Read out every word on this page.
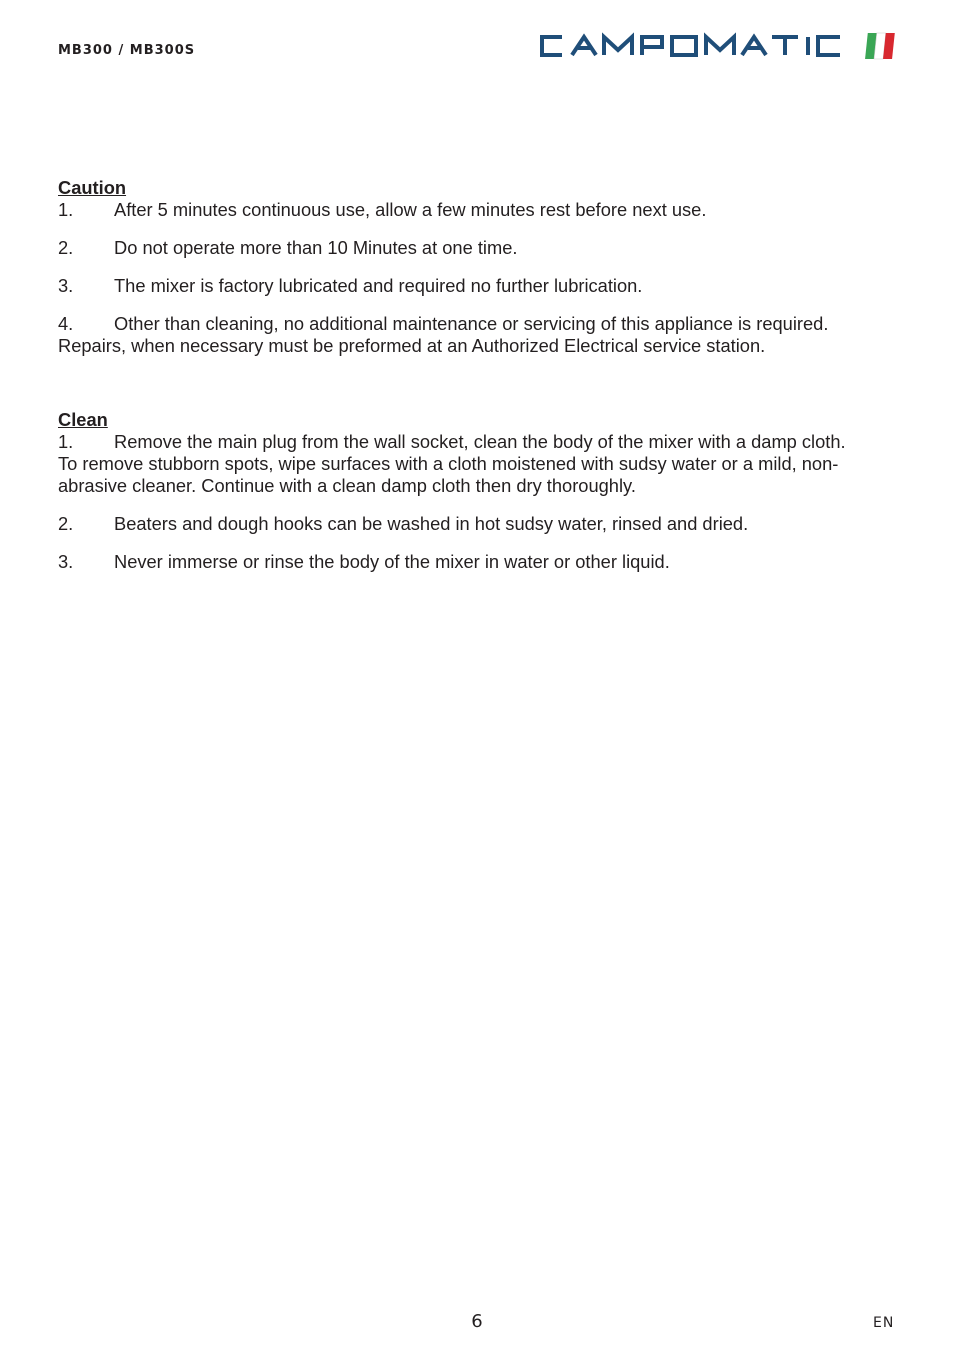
MB300 / MB300S

Caution

1. After 5 minutes continuous use, allow a few minutes rest before next use.

2. Do not operate more than 10 Minutes at one time.

3. The mixer is factory lubricated and required no further lubrication.

4. Other than cleaning, no additional maintenance or servicing of this appliance is required. Repairs, when necessary must be preformed at an Authorized Electrical service station.

Clean

1. Remove the main plug from the wall socket, clean the body of the mixer with a damp cloth. To remove stubborn spots, wipe surfaces with a cloth moistened with sudsy water or a mild, non-abrasive cleaner. Continue with a clean damp cloth then dry thoroughly.

2. Beaters and dough hooks can be washed in hot sudsy water, rinsed and dried.

3. Never immerse or rinse the body of the mixer in water or other liquid.

6	EN
